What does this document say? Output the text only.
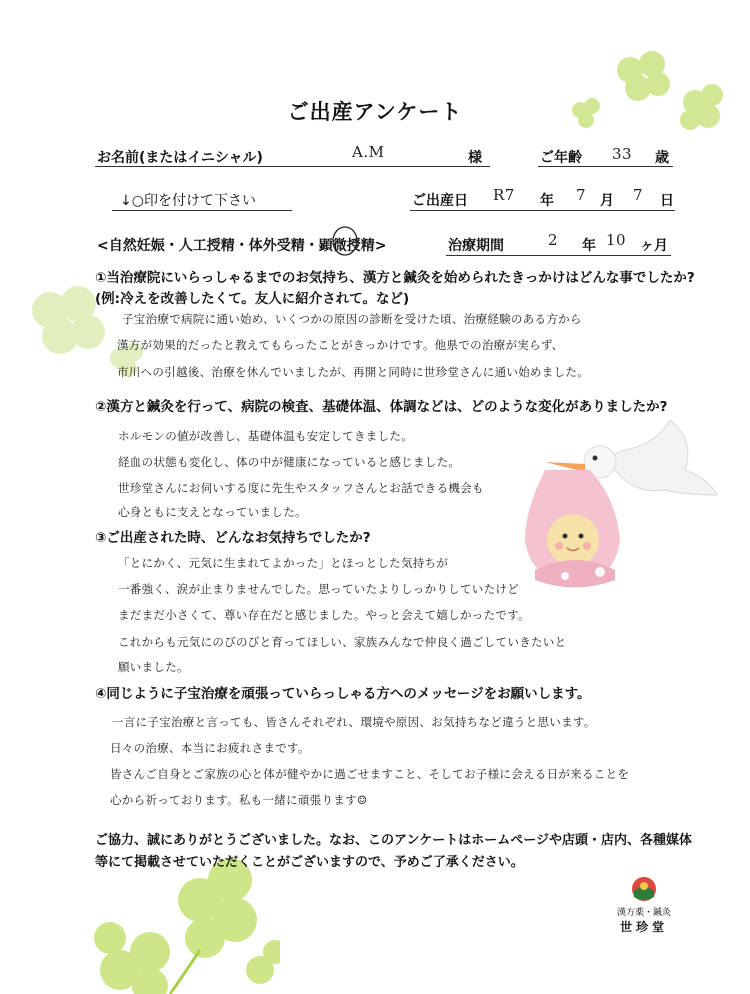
ご出産アンケート
お名前(またはイニシャル)	A.M	様	ご年齢 33 歳
↓○印を付けて下さい	ご出産日 R7 年 7 月 7 日
<自然妊娠・人工授精・体外受精・顕微授精>	治療期間	2 年 10 ヶ月
①当治療院にいらっしゃるまでのお気持ち、漢方と鍼灸を始められたきっかけはどんな事でしたか?
(例:冷えを改善したくて。友人に紹介されて。など)
子宝治療で病院に通い始め、いくつかの原因の診断を受けた頃、治療経験のある方から
漢方が効果的だったと教えてもらったことがきっかけです。他県での治療が実らず、
市川への引越後、治療を休んでいましたが、再開と同時に世珍堂さんに通い始めました。
②漢方と鍼灸を行って、病院の検査、基礎体温、体調などは、どのような変化がありましたか?
ホルモンの値が改善し、基礎体温も安定してきました。
経血の状態も変化し、体の中が健康になっていると感じました。
世珍堂さんにお伺いする度に先生やスタッフさんとお話できる機会も
心身ともに支えとなっていました。
③ご出産された時、どんなお気持ちでしたか?
「とにかく、元気に生まれてよかった」とほっとした気持ちが
一番強く、涙が止まりませんでした。思っていたよりしっかりしていたけど
まだまだ小さくて、尊い存在だと感じました。やっと会えて嬉しかったです。
これからも元気にのびのびと育ってほしい、家族みんなで仲良く過ごしていきたいと
願いました。
④同じように子宝治療を頑張っていらっしゃる方へのメッセージをお願いします。
一言に子宝治療と言っても、皆さんそれぞれ、環境や原因、お気持ちなど違うと思います。
日々の治療、本当にお疲れさまです。
皆さんご自身とご家族の心と体が健やかに過ごせますこと、そしてお子様に会える日が来ることを
心から祈っております。私も一緒に頑張ります☺
ご協力、誠にありがとうございました。なお、このアンケートはホームページや店頭・店内、各種媒体
等にて掲載させていただくことがございますので、予めご了承ください。
漢方薬・鍼灸
世珍堂
